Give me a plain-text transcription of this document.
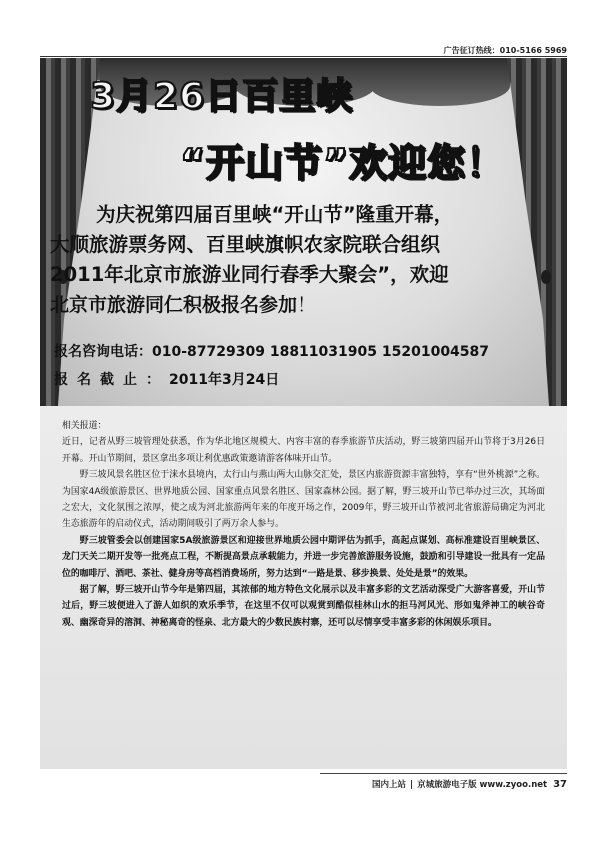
广告征订热线：010-5166 5969
3月26日百里峡
“开山节”欢迎您！

为庆祝第四届百里峡“开山节”隆重开幕，

大顺旅游票务网、百里峡旗帜农家院联合组织

2011年北京市旅游业同行春季大聚会”，欢迎

北京市旅游同仁积极报名参加！

报名咨询电话：010-87729309 18811031905 15201004587
报名截止：2011年3月24日

相关报道：

近日，记者从野三坡管理处获悉，作为华北地区规模大、内容丰富的春季旅游节庆活动，野三坡第四届开山节将于3月26日开幕。开山节期间，景区拿出多项让利优惠政策邀请游客体味开山节。

野三坡风景名胜区位于涞水县境内，太行山与燕山两大山脉交汇处，景区内旅游资源丰富独特，享有“世外桃源”之称。为国家4A级旅游景区、世界地质公园、国家重点风景名胜区、国家森林公园。据了解，野三坡开山节已举办过三次，其场面之宏大，文化氛围之浓厚，使之成为河北旅游两年来的年度开场之作，2009年，野三坡开山节被河北省旅游局确定为河北生态旅游年的启动仪式，活动期间吸引了两万余人参与。

野三坡管委会以创建国家5A级旅游景区和迎接世界地质公园中期评估为抓手，高起点谋划、高标准建设百里峡景区、龙门天关二期开发等一批亮点工程，不断提高景点承载能力，并进一步完善旅游服务设施，鼓励和引导建设一批具有一定品位的咖啡厅、酒吧、茶社、健身房等高档消费场所，努力达到“一路是景、移步换景、处处是景”的效果。

据了解，野三坡开山节今年是第四届，其浓郁的地方特色文化展示以及丰富多彩的文艺活动深受广大游客喜爱，开山节过后，野三坡便进入了游人如织的欢乐季节，在这里不仅可以观赏到酷似桂林山水的拒马河风光、形如鬼斧神工的峡谷奇观、幽深奇异的溶洞、神秘离奇的怪泉、北方最大的少数民族村寨，还可以尽情享受丰富多彩的休闲娱乐项目。

国内上站 | 京城旅游电子版 www.zyoo.net 37
